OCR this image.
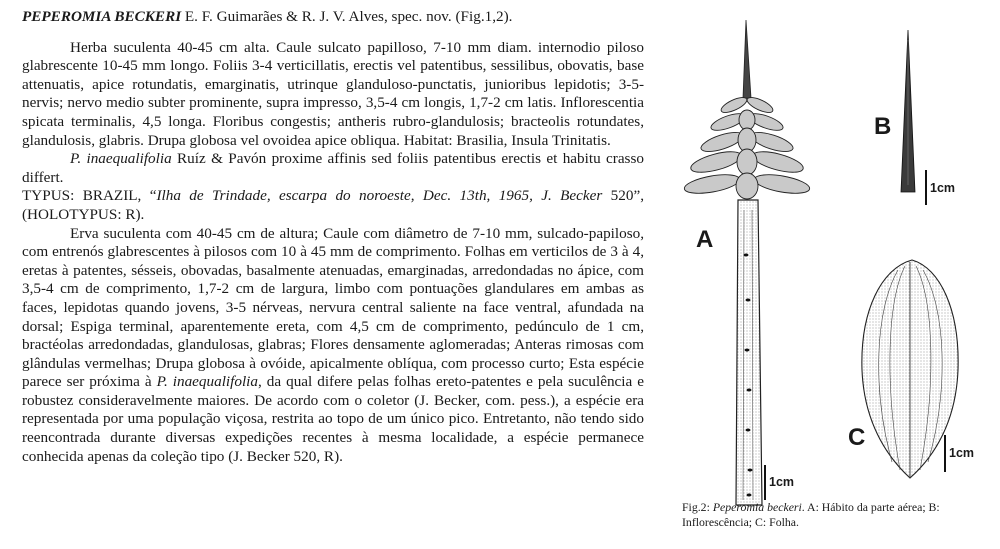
PEPEROMIA BECKERI E. F. Guimarães & R. J. V. Alves, spec. nov. (Fig.1,2).

Herba suculenta 40-45 cm alta. Caule sulcato papilloso, 7-10 mm diam. internodio piloso glabrescente 10-45 mm longo. Foliis 3-4 verticillatis, erectis vel patentibus, sessilibus, obovatis, base attenuatis, apice rotundatis, emarginatis, utrinque glanduloso-punctatis, junioribus lepidotis; 3-5-nervis; nervo medio subter prominente, supra impresso, 3,5-4 cm longis, 1,7-2 cm latis. Inflorescentia spicata terminalis, 4,5 longa. Floribus congestis; antheris rubro-glandulosis; bracteolis rotundates, glandulosis, glabris. Drupa globosa vel ovoidea apice obliqua. Habitat: Brasilia, Insula Trinitatis.

P. inaequalifolia Ruíz & Pavón proxime affinis sed foliis patentibus erectis et habitu crasso differt.

TYPUS: BRAZIL, “Ilha de Trindade, escarpa do noroeste, Dec. 13th, 1965, J. Becker 520”, (HOLOTYPUS: R).

Erva suculenta com 40-45 cm de altura; Caule com diâmetro de 7-10 mm, sulcado-papiloso, com entrenós glabrescentes à pilosos com 10 à 45 mm de comprimento. Folhas em verticilos de 3 à 4, eretas à patentes, sésseis, obovadas, basalmente atenuadas, emarginadas, arredondadas no ápice, com 3,5-4 cm de comprimento, 1,7-2 cm de largura, limbo com pontuações glandulares em ambas as faces, lepidotas quando jovens, 3-5 nérveas, nervura central saliente na face ventral, afundada na dorsal; Espiga terminal, aparentemente ereta, com 4,5 cm de comprimento, pedúnculo de 1 cm, bractéolas arredondadas, glandulosas, glabras; Flores densamente aglomeradas; Anteras rimosas com glândulas vermelhas; Drupa globosa à ovóide, apicalmente oblíqua, com processo curto; Esta espécie parece ser próxima à P. inaequalifolia, da qual difere pelas folhas ereto-patentes e pela suculência e robustez consideravelmente maiores. De acordo com o coletor (J. Becker, com. pess.), a espécie era representada por uma população viçosa, restrita ao topo de um único pico. Entretanto, não tendo sido reencontrada durante diversas expedições recentes à mesma localidade, a espécie permanece conhecida apenas da coleção tipo (J. Becker 520, R).

A
B
C
1cm
1cm
1cm
Fig.2: Peperomia beckeri. A: Hábito da parte aérea; B: Inflorescência; C: Folha.
